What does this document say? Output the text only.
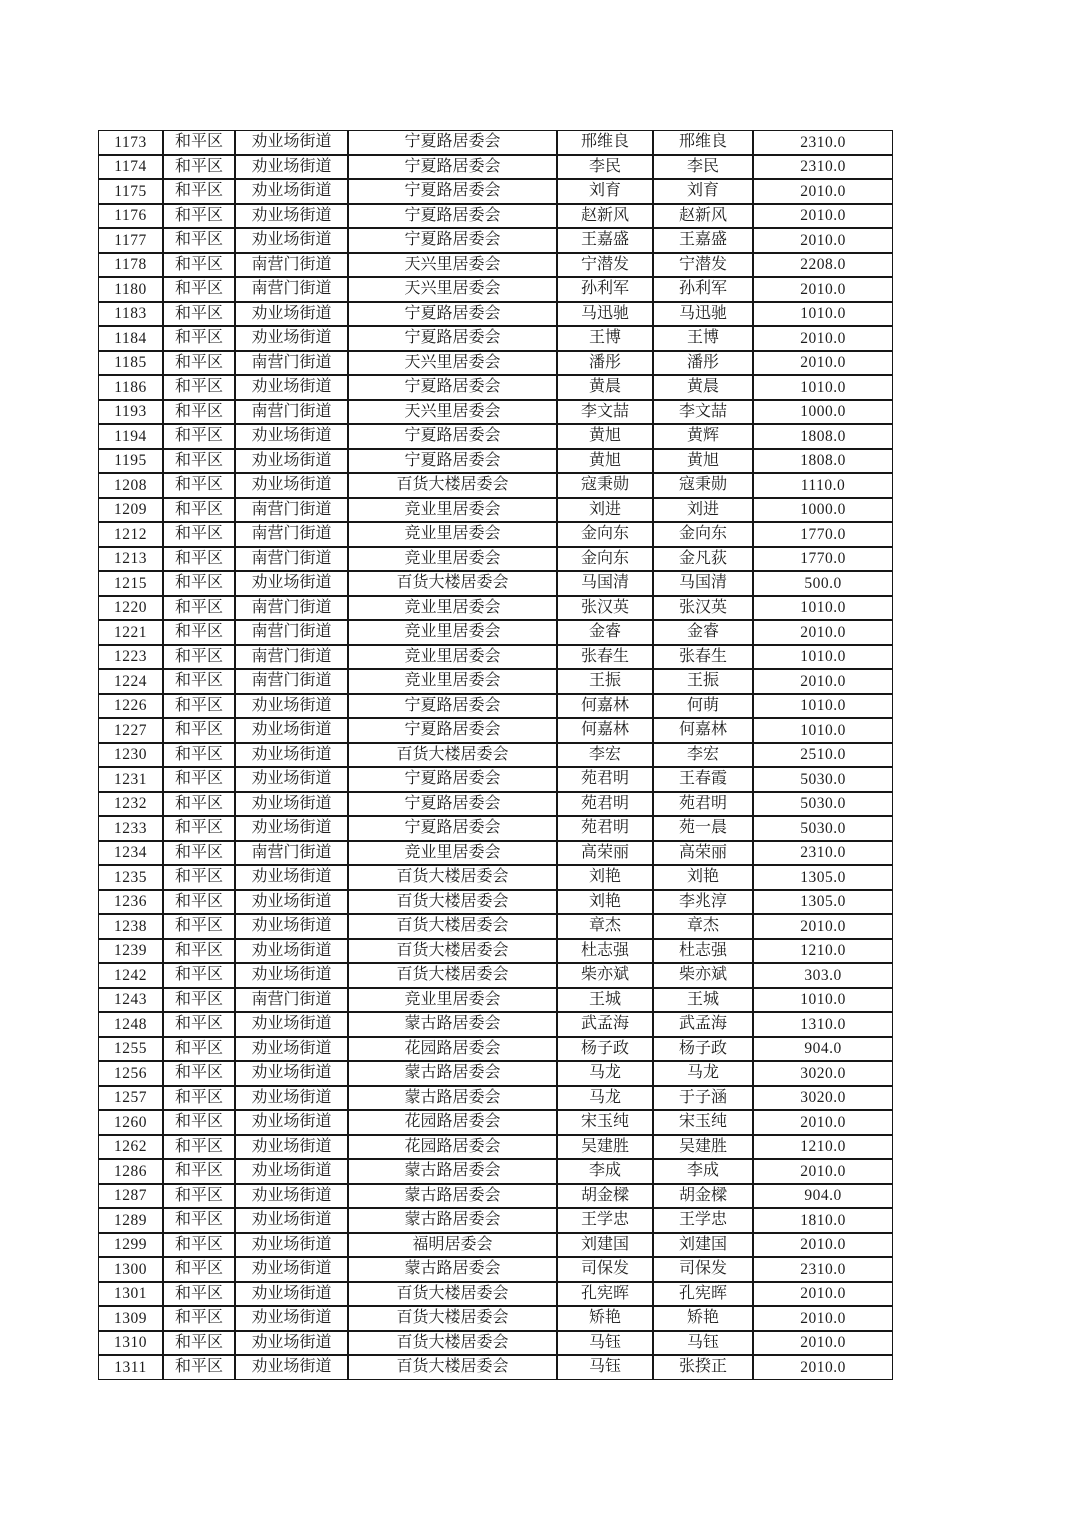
1173	和平区	劝业场街道	宁夏路居委会	邢维良	邢维良	2310.0
1174	和平区	劝业场街道	宁夏路居委会	李民	李民	2310.0
1175	和平区	劝业场街道	宁夏路居委会	刘育	刘育	2010.0
1176	和平区	劝业场街道	宁夏路居委会	赵新风	赵新风	2010.0
1177	和平区	劝业场街道	宁夏路居委会	王嘉盛	王嘉盛	2010.0
1178	和平区	南营门街道	天兴里居委会	宁潜发	宁潜发	2208.0
1180	和平区	南营门街道	天兴里居委会	孙利军	孙利军	2010.0
1183	和平区	劝业场街道	宁夏路居委会	马迅驰	马迅驰	1010.0
1184	和平区	劝业场街道	宁夏路居委会	王博	王博	2010.0
1185	和平区	南营门街道	天兴里居委会	潘彤	潘彤	2010.0
1186	和平区	劝业场街道	宁夏路居委会	黄晨	黄晨	1010.0
1193	和平区	南营门街道	天兴里居委会	李文喆	李文喆	1000.0
1194	和平区	劝业场街道	宁夏路居委会	黄旭	黄辉	1808.0
1195	和平区	劝业场街道	宁夏路居委会	黄旭	黄旭	1808.0
1208	和平区	劝业场街道	百货大楼居委会	寇秉勋	寇秉勋	1110.0
1209	和平区	南营门街道	竞业里居委会	刘进	刘进	1000.0
1212	和平区	南营门街道	竞业里居委会	金向东	金向东	1770.0
1213	和平区	南营门街道	竞业里居委会	金向东	金凡荻	1770.0
1215	和平区	劝业场街道	百货大楼居委会	马国清	马国清	500.0
1220	和平区	南营门街道	竞业里居委会	张汉英	张汉英	1010.0
1221	和平区	南营门街道	竞业里居委会	金睿	金睿	2010.0
1223	和平区	南营门街道	竞业里居委会	张春生	张春生	1010.0
1224	和平区	南营门街道	竞业里居委会	王振	王振	2010.0
1226	和平区	劝业场街道	宁夏路居委会	何嘉林	何萌	1010.0
1227	和平区	劝业场街道	宁夏路居委会	何嘉林	何嘉林	1010.0
1230	和平区	劝业场街道	百货大楼居委会	李宏	李宏	2510.0
1231	和平区	劝业场街道	宁夏路居委会	苑君明	王春霞	5030.0
1232	和平区	劝业场街道	宁夏路居委会	苑君明	苑君明	5030.0
1233	和平区	劝业场街道	宁夏路居委会	苑君明	苑一晨	5030.0
1234	和平区	南营门街道	竞业里居委会	高荣丽	高荣丽	2310.0
1235	和平区	劝业场街道	百货大楼居委会	刘艳	刘艳	1305.0
1236	和平区	劝业场街道	百货大楼居委会	刘艳	李兆淳	1305.0
1238	和平区	劝业场街道	百货大楼居委会	章杰	章杰	2010.0
1239	和平区	劝业场街道	百货大楼居委会	杜志强	杜志强	1210.0
1242	和平区	劝业场街道	百货大楼居委会	柴亦斌	柴亦斌	303.0
1243	和平区	南营门街道	竞业里居委会	王城	王城	1010.0
1248	和平区	劝业场街道	蒙古路居委会	武孟海	武孟海	1310.0
1255	和平区	劝业场街道	花园路居委会	杨子政	杨子政	904.0
1256	和平区	劝业场街道	蒙古路居委会	马龙	马龙	3020.0
1257	和平区	劝业场街道	蒙古路居委会	马龙	于子涵	3020.0
1260	和平区	劝业场街道	花园路居委会	宋玉纯	宋玉纯	2010.0
1262	和平区	劝业场街道	花园路居委会	吴建胜	吴建胜	1210.0
1286	和平区	劝业场街道	蒙古路居委会	李成	李成	2010.0
1287	和平区	劝业场街道	蒙古路居委会	胡金樑	胡金樑	904.0
1289	和平区	劝业场街道	蒙古路居委会	王学忠	王学忠	1810.0
1299	和平区	劝业场街道	福明居委会	刘建国	刘建国	2010.0
1300	和平区	劝业场街道	蒙古路居委会	司保发	司保发	2310.0
1301	和平区	劝业场街道	百货大楼居委会	孔宪晖	孔宪晖	2010.0
1309	和平区	劝业场街道	百货大楼居委会	矫艳	矫艳	2010.0
1310	和平区	劝业场街道	百货大楼居委会	马钰	马钰	2010.0
1311	和平区	劝业场街道	百货大楼居委会	马钰	张揆正	2010.0
